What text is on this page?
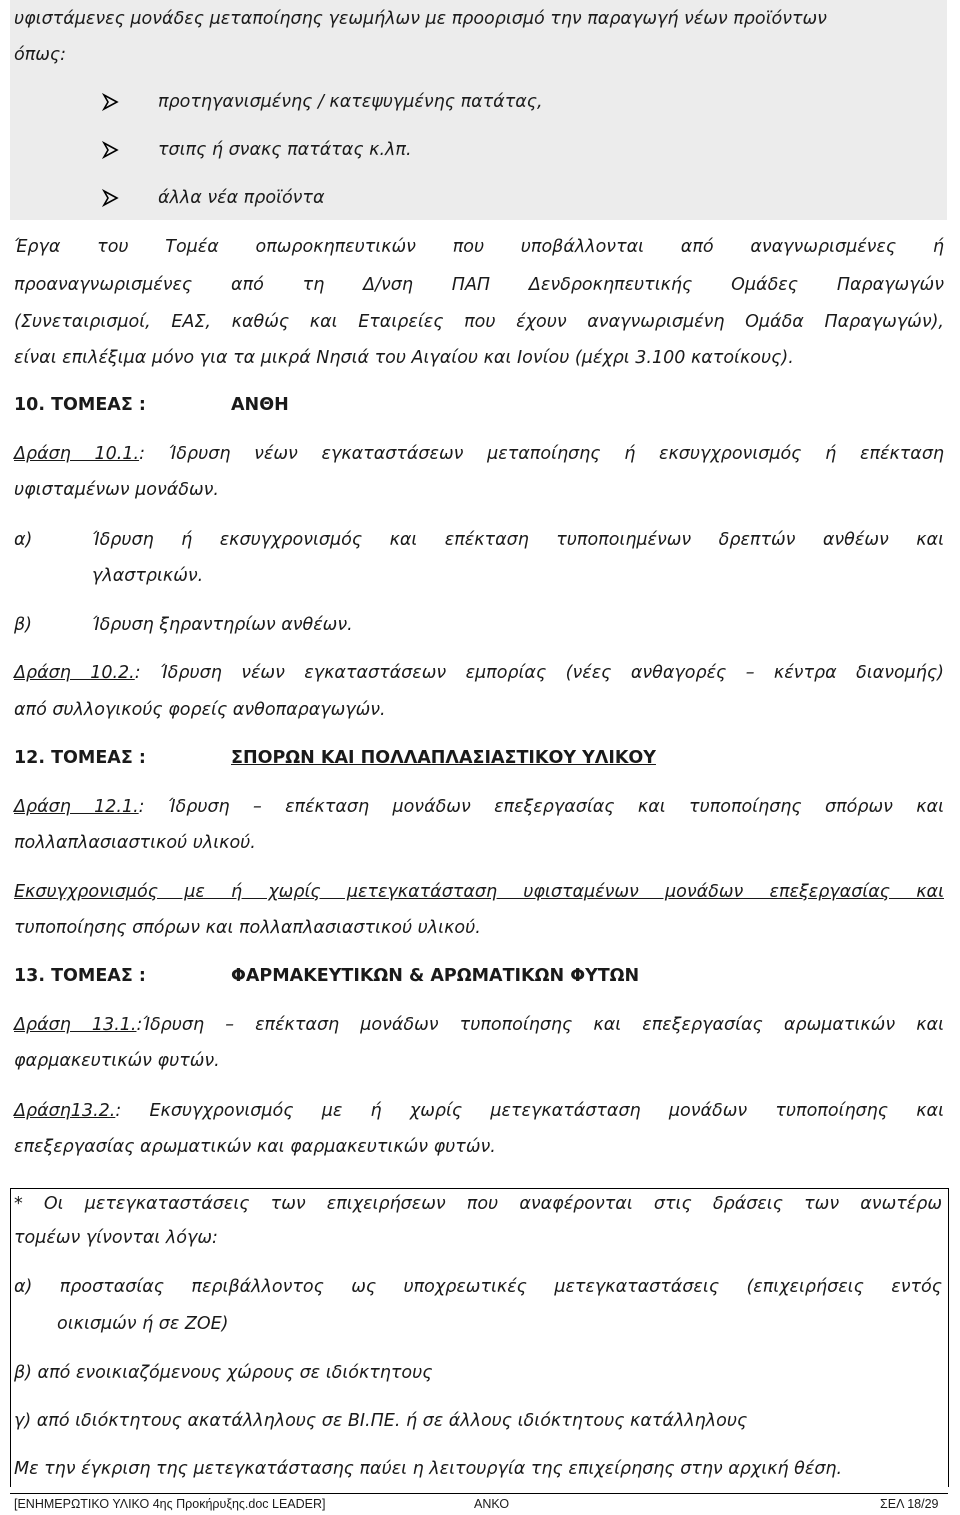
υφιστάμενες μονάδες μεταποίησης γεωμήλων με προορισμό την παραγωγή νέων προϊόντων
όπως:
προτηγανισμένης / κατεψυγμένης πατάτας,
τσιπς ή σνακς πατάτας κ.λπ.
άλλα νέα προϊόντα
Έργα του Τομέα οπωροκηπευτικών που υποβάλλονται από αναγνωρισμένες ή
προαναγνωρισμένες από τη Δ/νση ΠΑΠ Δενδροκηπευτικής Ομάδες Παραγωγών
(Συνεταιρισμοί, ΕΑΣ, καθώς και Εταιρείες που έχουν αναγνωρισμένη Ομάδα Παραγωγών),
είναι επιλέξιμα μόνο για τα μικρά Νησιά του Αιγαίου και Ιονίου (μέχρι 3.100 κατοίκους).
10. ΤΟΜΕΑΣ :	ΑΝΘΗ
Δράση 10.1.: Ίδρυση νέων εγκαταστάσεων μεταποίησης ή εκσυγχρονισμός ή επέκταση
υφισταμένων μονάδων.
α)	Ίδρυση ή εκσυγχρονισμός και επέκταση τυποποιημένων δρεπτών ανθέων και
γλαστρικών.
β)	Ίδρυση ξηραντηρίων ανθέων.
Δράση 10.2.: Ίδρυση νέων εγκαταστάσεων εμπορίας (νέες ανθαγορές – κέντρα διανομής)
από συλλογικούς φορείς ανθοπαραγωγών.
12. ΤΟΜΕΑΣ :	ΣΠΟΡΩΝ ΚΑΙ ΠΟΛΛΑΠΛΑΣΙΑΣΤΙΚΟΥ ΥΛΙΚΟΥ
Δράση 12.1.: Ίδρυση – επέκταση μονάδων επεξεργασίας και τυποποίησης σπόρων και
πολλαπλασιαστικού υλικού.
Εκσυγχρονισμός με ή χωρίς μετεγκατάσταση υφισταμένων μονάδων επεξεργασίας και
τυποποίησης σπόρων και πολλαπλασιαστικού υλικού.
13. ΤΟΜΕΑΣ :	ΦΑΡΜΑΚΕΥΤΙΚΩΝ & ΑΡΩΜΑΤΙΚΩΝ ΦΥΤΩΝ
Δράση 13.1.:Ίδρυση – επέκταση μονάδων τυποποίησης και επεξεργασίας αρωματικών και
φαρμακευτικών φυτών.
Δράση13.2.: Εκσυγχρονισμός με ή χωρίς μετεγκατάσταση μονάδων τυποποίησης και
επεξεργασίας αρωματικών και φαρμακευτικών φυτών.
* Οι μετεγκαταστάσεις των επιχειρήσεων που αναφέρονται στις δράσεις των ανωτέρω
τομέων γίνονται λόγω:
α) προστασίας περιβάλλοντος ως υποχρεωτικές μετεγκαταστάσεις (επιχειρήσεις εντός
οικισμών ή σε ΖΟΕ)
β) από ενοικιαζόμενους χώρους σε ιδιόκτητους
γ) από ιδιόκτητους ακατάλληλους σε ΒΙ.ΠΕ. ή σε άλλους ιδιόκτητους κατάλληλους
Με την έγκριση της μετεγκατάστασης παύει η λειτουργία της επιχείρησης στην αρχική θέση.
[ΕΝΗΜΕΡΩΤΙΚΟ ΥΛΙΚΟ 4ης Προκήρυξης.doc LEADER]	ΑΝΚΟ	ΣΕΛ 18/29
